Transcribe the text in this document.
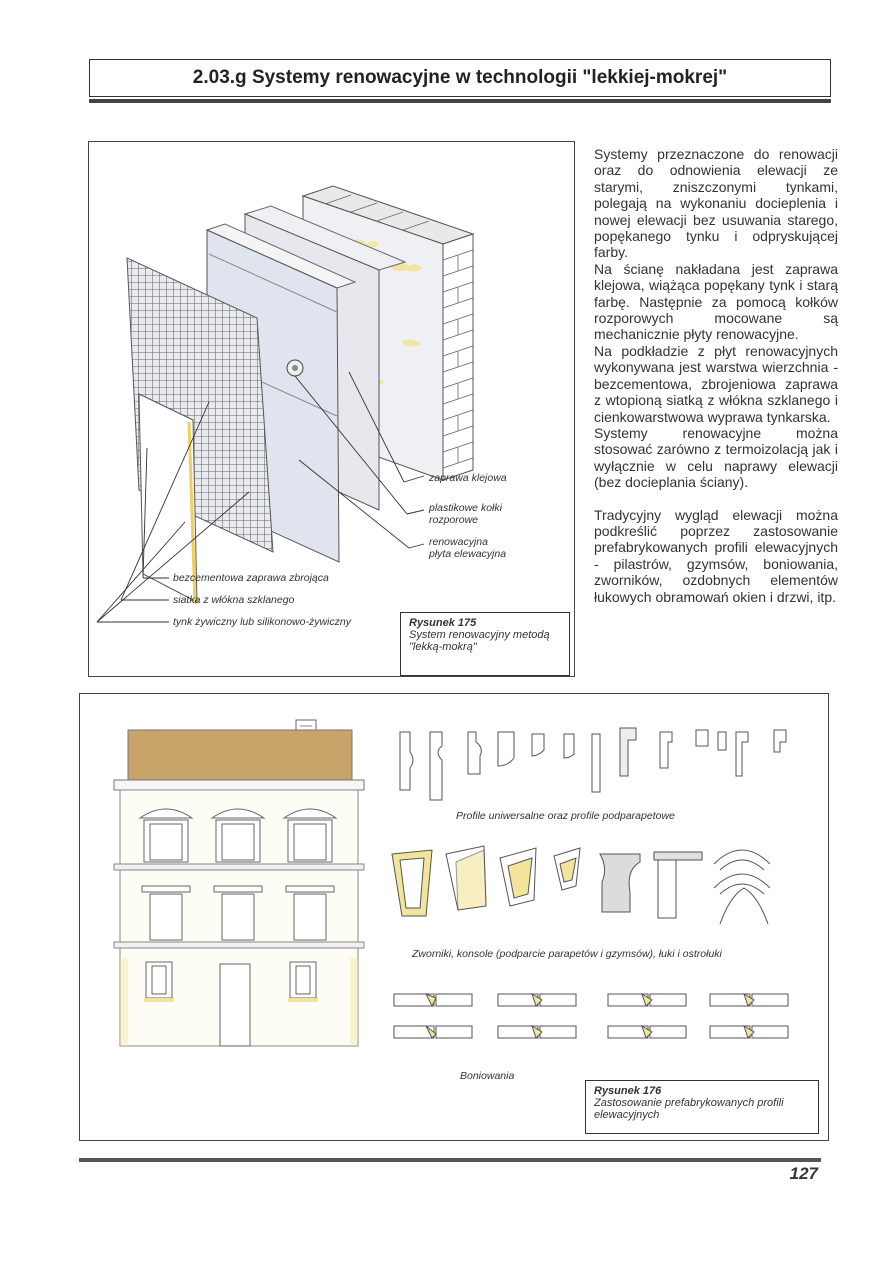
2.03.g Systemy renowacyjne w technologii "lekkiej-mokrej"
zaprawa klejowa
plastikowe kołki
rozporowe
renowacyjna
płyta elewacyjna
bezcementowa zaprawa zbrojąca
siatka z włókna szklanego
tynk żywiczny lub silikonowo-żywiczny	Rysunek 175
System renowacyjny metodą
"lekką-mokrą"

Systemy przeznaczone do renowacji oraz do odnowienia elewacji ze starymi, zniszczonymi tynkami, polegają na wykonaniu docieplenia i nowej elewacji bez usuwania starego, popękanego tynku i odpryskującej farby.

Na ścianę nakładana jest zaprawa klejowa, wiążąca popękany tynk i starą farbę. Następnie za pomocą kołków rozporowych mocowane są mechanicznie płyty renowacyjne.

Na podkładzie z płyt renowacyjnych wykonywana jest warstwa wierzchnia - bezcementowa, zbrojeniowa zaprawa z wtopioną siatką z włókna szklanego i cienkowarstwowa wyprawa tynkarska.

Systemy renowacyjne można stosować zarówno z termoizolacją jak i wyłącznie w celu naprawy elewacji (bez docieplania ściany).

Tradycyjny wygląd elewacji można podkreślić poprzez zastosowanie prefabrykowanych profili elewacyjnych - pilastrów, gzymsów, boniowania, zworników, ozdobnych elementów łukowych obramowań okien i drzwi, itp.

Profile uniwersalne oraz profile podparapetowe
Zworniki, konsole (podparcie parapetów i gzymsów), łuki i ostrołuki
Boniowania
Rysunek 176
Zastosowanie prefabrykowanych profili
elewacyjnych
127
